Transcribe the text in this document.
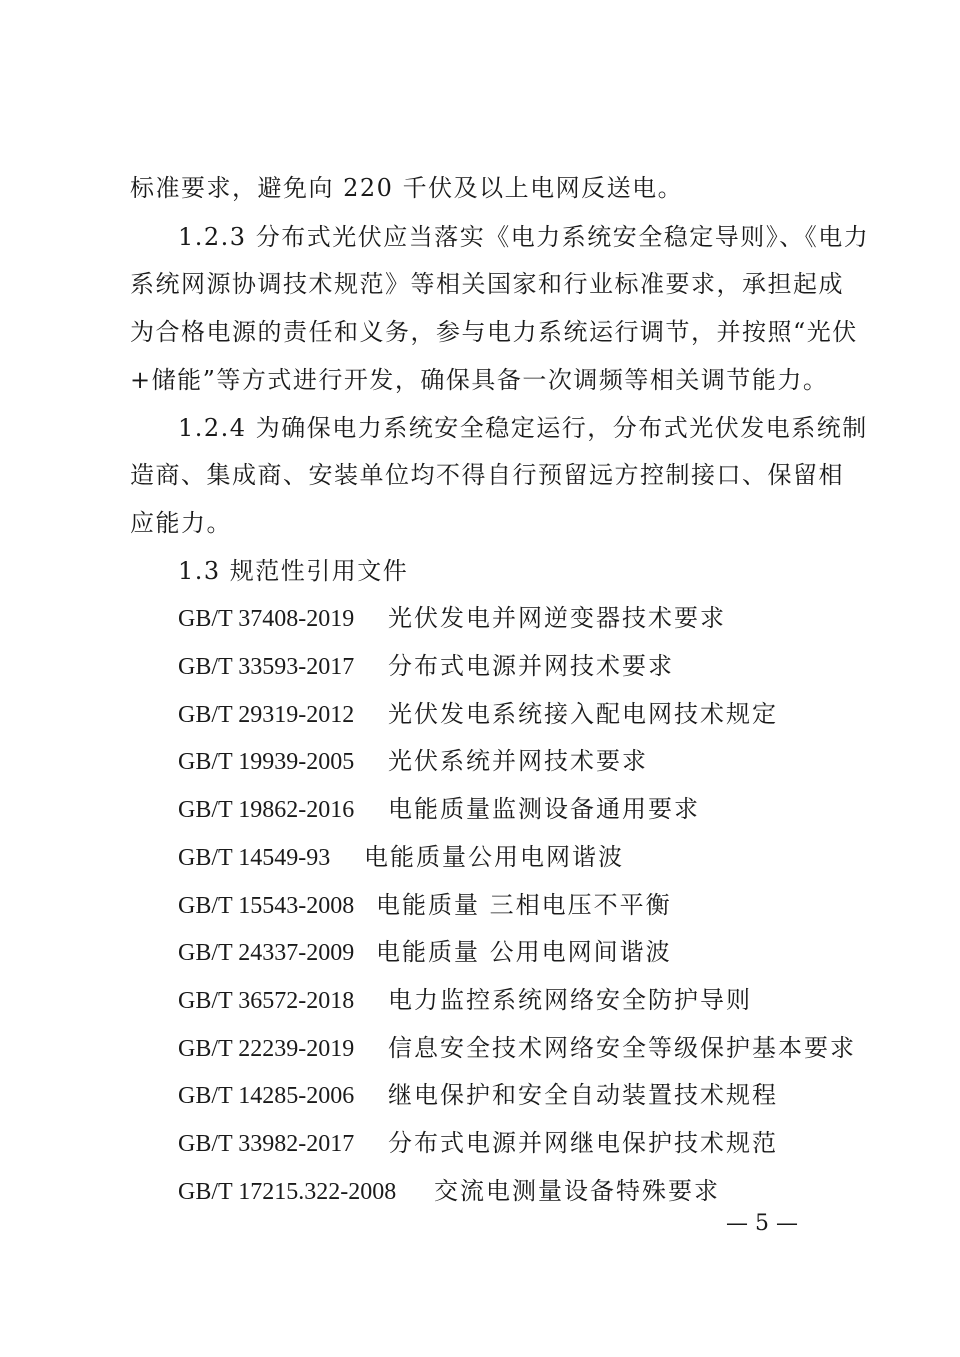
标准要求，避免向 220 千伏及以上电网反送电。
1.2.3 分布式光伏应当落实《电力系统安全稳定导则》、《电力
系统网源协调技术规范》等相关国家和行业标准要求，承担起成
为合格电源的责任和义务，参与电力系统运行调节，并按照“光伏
+储能”等方式进行开发，确保具备一次调频等相关调节能力。
1.2.4 为确保电力系统安全稳定运行，分布式光伏发电系统制
造商、集成商、安装单位均不得自行预留远方控制接口、保留相
应能力。
1.3 规范性引用文件
GB/T 37408-2019 光伏发电并网逆变器技术要求
GB/T 33593-2017 分布式电源并网技术要求
GB/T 29319-2012 光伏发电系统接入配电网技术规定
GB/T 19939-2005 光伏系统并网技术要求
GB/T 19862-2016 电能质量监测设备通用要求
GB/T 14549-93 电能质量公用电网谐波
GB/T 15543-2008 电能质量 三相电压不平衡
GB/T 24337-2009 电能质量 公用电网间谐波
GB/T 36572-2018 电力监控系统网络安全防护导则
GB/T 22239-2019 信息安全技术网络安全等级保护基本要求
GB/T 14285-2006 继电保护和安全自动装置技术规程
GB/T 33982-2017 分布式电源并网继电保护技术规范
GB/T 17215.322-2008 交流电测量设备特殊要求
— 5 —
